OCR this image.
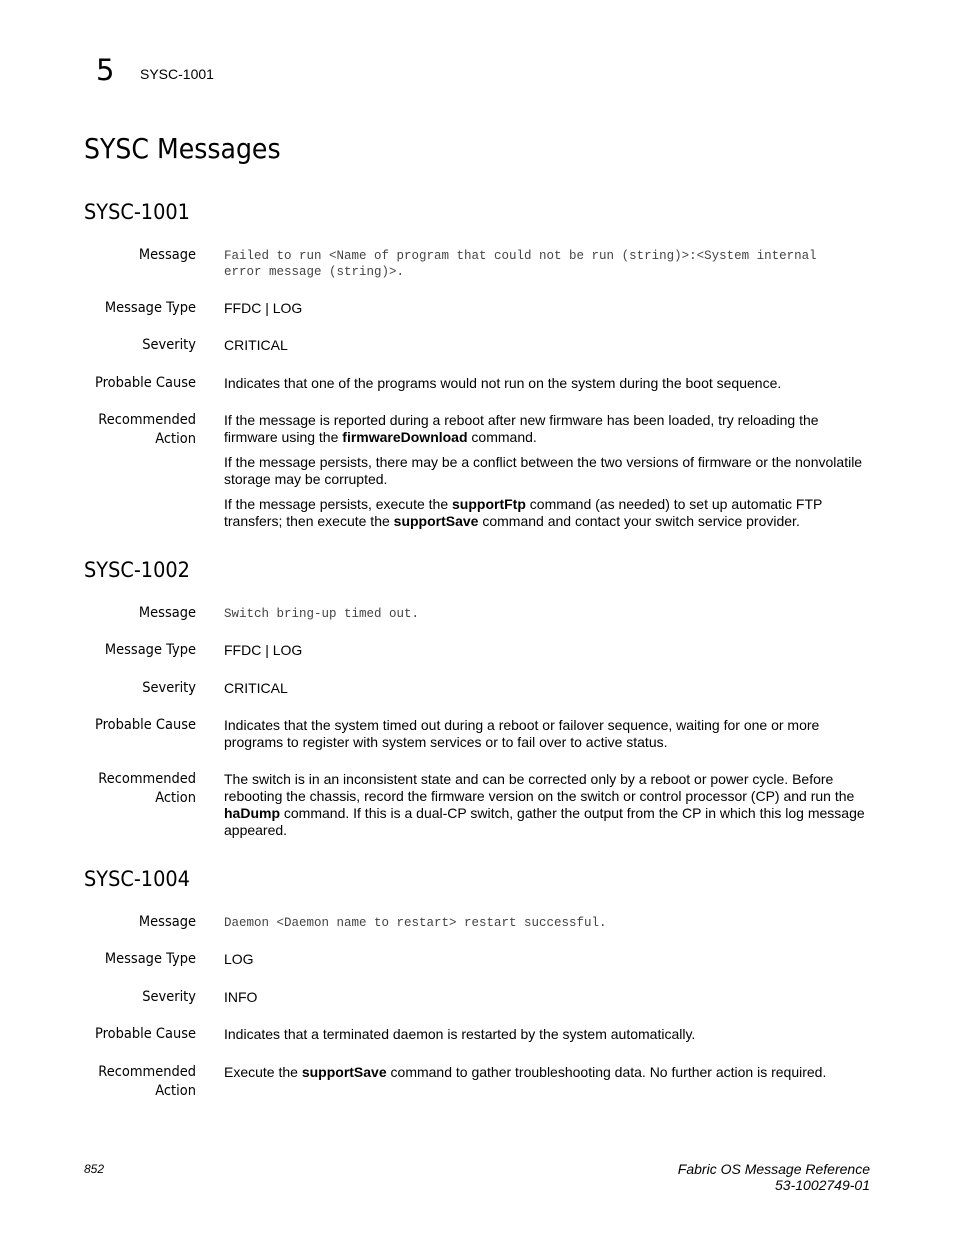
5 SYSC-1001
SYSC Messages
SYSC-1001
Message Failed to run <Name of program that could not be run (string)>:<System internal
error message (string)>.
Message Type FFDC | LOG
Severity CRITICAL
Probable Cause Indicates that one of the programs would not run on the system during the boot sequence.
Recommended
Action

If the message is reported during a reboot after new firmware has been loaded, try reloading the firmware using the firmwareDownload command.

If the message persists, there may be a conflict between the two versions of firmware or the nonvolatile storage may be corrupted.

If the message persists, execute the supportFtp command (as needed) to set up automatic FTP transfers; then execute the supportSave command and contact your switch service provider.

SYSC-1002
Message Switch bring-up timed out.
Message Type FFDC | LOG
Severity CRITICAL
Probable Cause Indicates that the system timed out during a reboot or failover sequence, waiting for one or more programs to register with system services or to fail over to active status.
Recommended
Action

The switch is in an inconsistent state and can be corrected only by a reboot or power cycle. Before rebooting the chassis, record the firmware version on the switch or control processor (CP) and run the haDump command. If this is a dual-CP switch, gather the output from the CP in which this log message appeared.

SYSC-1004
Message Daemon <Daemon name to restart> restart successful.
Message Type LOG
Severity INFO
Probable Cause Indicates that a terminated daemon is restarted by the system automatically.
Recommended
Action

Execute the supportSave command to gather troubleshooting data. No further action is required.

852	Fabric OS Message Reference
53-1002749-01
